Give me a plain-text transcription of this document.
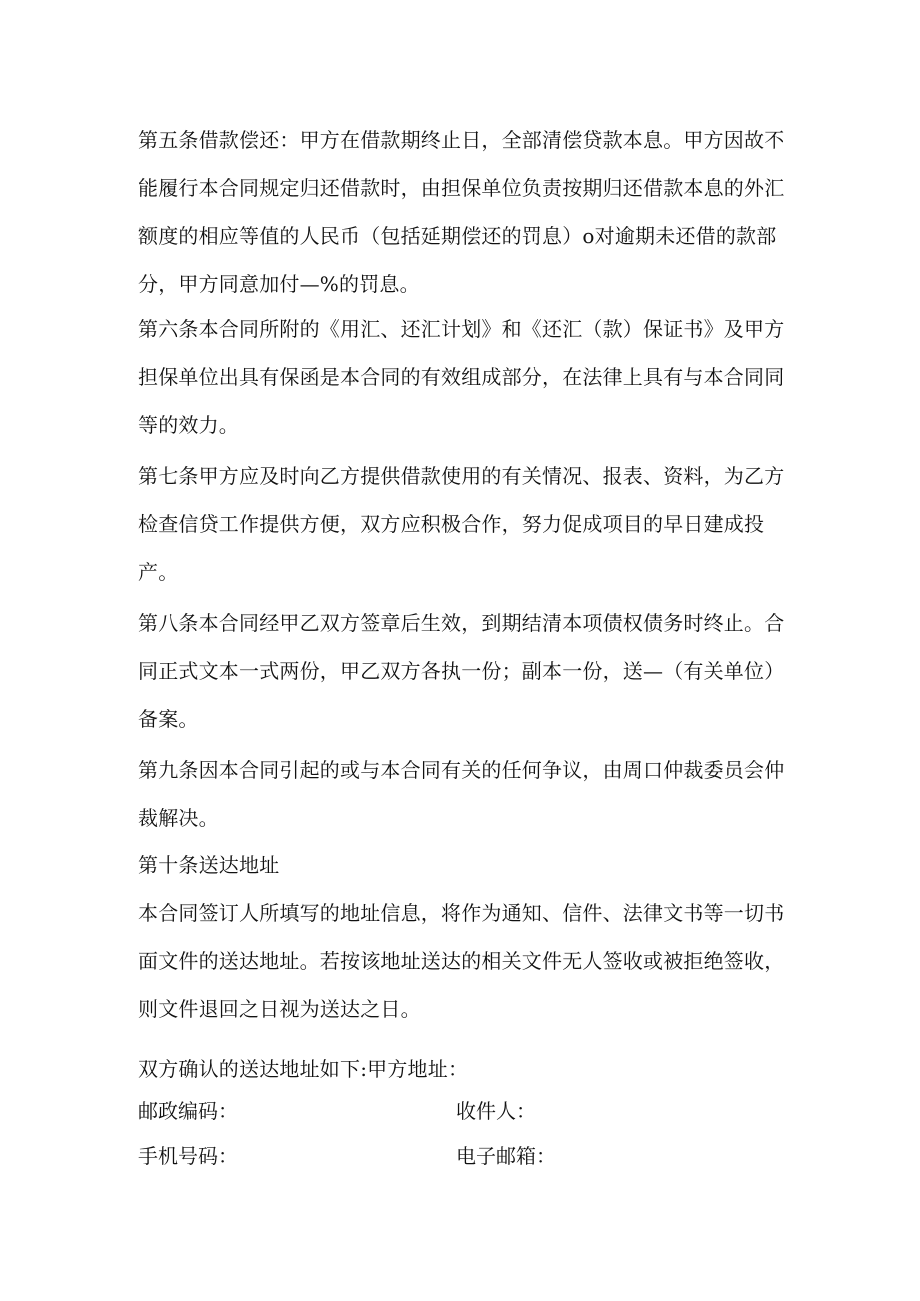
第五条借款偿还：甲方在借款期终止日，全部清偿贷款本息。甲方因故不
能履行本合同规定归还借款时，由担保单位负责按期归还借款本息的外汇
额度的相应等值的人民币（包括延期偿还的罚息）o对逾期未还借的款部
分，甲方同意加付—%的罚息。
第六条本合同所附的《用汇、还汇计划》和《还汇（款）保证书》及甲方
担保单位出具有保函是本合同的有效组成部分，在法律上具有与本合同同
等的效力。
第七条甲方应及时向乙方提供借款使用的有关情况、报表、资料，为乙方
检查信贷工作提供方便，双方应积极合作，努力促成项目的早日建成投
产。
第八条本合同经甲乙双方签章后生效，到期结清本项债权债务时终止。合
同正式文本一式两份，甲乙双方各执一份；副本一份，送—（有关单位）
备案。
第九条因本合同引起的或与本合同有关的任何争议，由周口仲裁委员会仲
裁解决。
第十条送达地址
本合同签订人所填写的地址信息，将作为通知、信件、法律文书等一切书
面文件的送达地址。若按该地址送达的相关文件无人签收或被拒绝签收，
则文件退回之日视为送达之日。
双方确认的送达地址如下:甲方地址：
邮政编码：	收件人：
手机号码：	电子邮箱：
